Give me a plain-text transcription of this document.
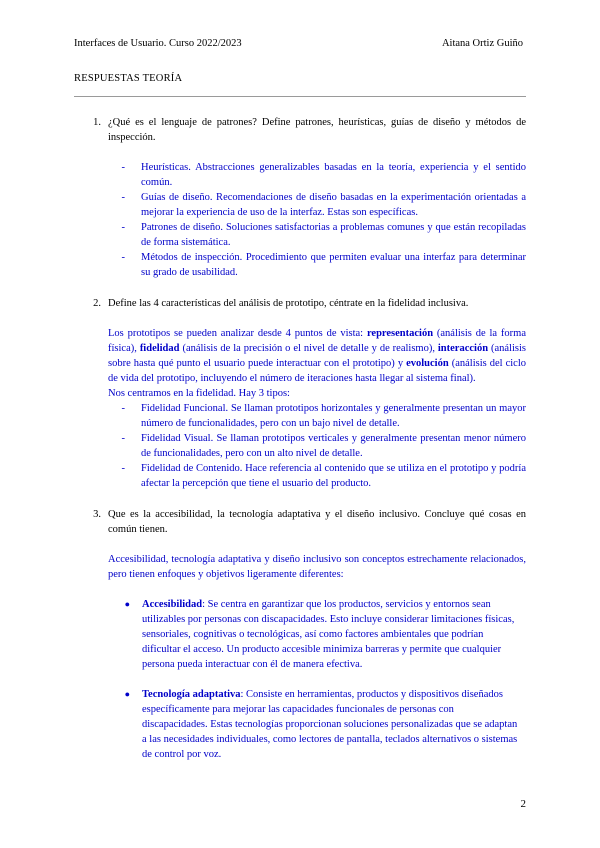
Interfaces de Usuario. Curso 2022/2023	Aitana Ortiz Guiño
RESPUESTAS TEORÍA
1. ¿Qué es el lenguaje de patrones? Define patrones, heurísticas, guías de diseño y métodos de inspección.
-	Heurísticas. Abstracciones generalizables basadas en la teoría, experiencia y el sentido común.
-	Guías de diseño. Recomendaciones de diseño basadas en la experimentación orientadas a mejorar la experiencia de uso de la interfaz. Estas son específicas.
-	Patrones de diseño. Soluciones satisfactorias a problemas comunes y que están recopiladas de forma sistemática.
-	Métodos de inspección. Procedimiento que permiten evaluar una interfaz para determinar su grado de usabilidad.
2. Define las 4 características del análisis de prototipo, céntrate en la fidelidad inclusiva.
Los prototipos se pueden analizar desde 4 puntos de vista: representación (análisis de la forma física), fidelidad (análisis de la precisión o el nivel de detalle y de realismo), interacción (análisis sobre hasta qué punto el usuario puede interactuar con el prototipo) y evolución (análisis del ciclo de vida del prototipo, incluyendo el número de iteraciones hasta llegar al sistema final).
Nos centramos en la fidelidad. Hay 3 tipos:
-	Fidelidad Funcional. Se llaman prototipos horizontales y generalmente presentan un mayor número de funcionalidades, pero con un bajo nivel de detalle.
-	Fidelidad Visual. Se llaman prototipos verticales y generalmente presentan menor número de funcionalidades, pero con un alto nivel de detalle.
-	Fidelidad de Contenido. Hace referencia al contenido que se utiliza en el prototipo y podría afectar la percepción que tiene el usuario del producto.
3. Que es la accesibilidad, la tecnología adaptativa y el diseño inclusivo. Concluye qué cosas en común tienen.
Accesibilidad, tecnología adaptativa y diseño inclusivo son conceptos estrechamente relacionados, pero tienen enfoques y objetivos ligeramente diferentes:
●	Accesibilidad: Se centra en garantizar que los productos, servicios y entornos sean utilizables por personas con discapacidades. Esto incluye considerar limitaciones físicas, sensoriales, cognitivas o tecnológicas, así como factores ambientales que podrían dificultar el acceso. Un producto accesible minimiza barreras y permite que cualquier persona pueda interactuar con él de manera efectiva.
●	Tecnología adaptativa: Consiste en herramientas, productos y dispositivos diseñados específicamente para mejorar las capacidades funcionales de personas con discapacidades. Estas tecnologías proporcionan soluciones personalizadas que se adaptan a las necesidades individuales, como lectores de pantalla, teclados alternativos o sistemas de control por voz.
2
